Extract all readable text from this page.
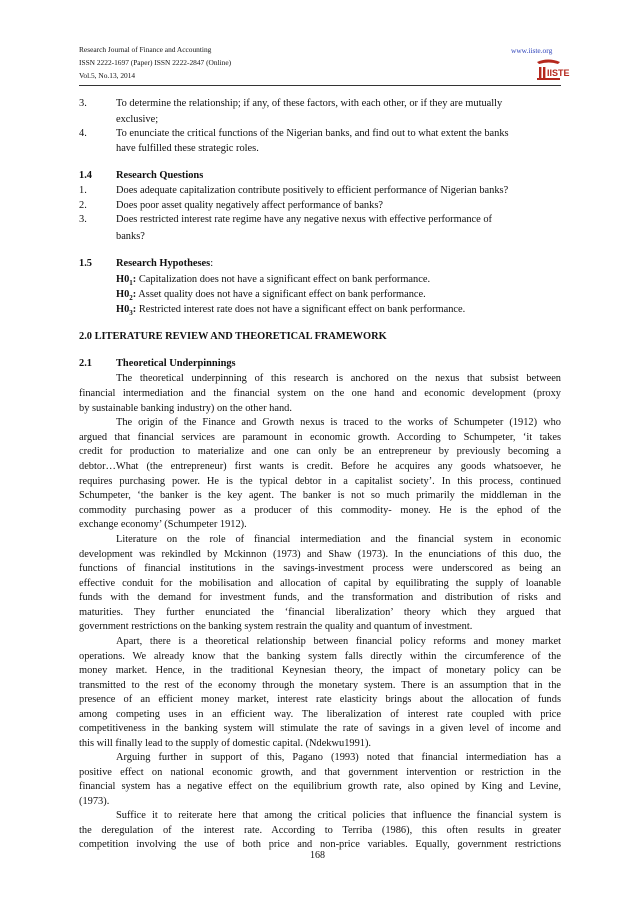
Research Journal of Finance and Accounting
ISSN 2222-1697 (Paper) ISSN 2222-2847 (Online)
Vol.5, No.13, 2014
www.iiste.org
IISTE
3.	To determine the relationship; if any, of these factors, with each other, or if they are mutually
exclusive;
4.	To enunciate the critical functions of the Nigerian banks, and find out to what extent the banks
have fulfilled these strategic roles.
1.4 Research Questions
1.	Does adequate capitalization contribute positively to efficient performance of Nigerian banks?
2.	Does poor asset quality negatively affect performance of banks?
3.	Does restricted interest rate regime have any negative nexus with effective performance of
banks?
1.5 Research Hypotheses:
$H0_1$: Capitalization does not have a significant effect on bank performance.
$H0_2$: Asset quality does not have a significant effect on bank performance.
$H0_3$: Restricted interest rate does not have a significant effect on bank performance.
2.0 LITERATURE REVIEW AND THEORETICAL FRAMEWORK
2.1 Theoretical Underpinnings
The theoretical underpinning of this research is anchored on the nexus that subsist between
financial intermediation and the financial system on the one hand and economic development (proxy
by sustainable banking industry) on the other hand.
The origin of the Finance and Growth nexus is traced to the works of Schumpeter (1912) who
argued that financial services are paramount in economic growth. According to Schumpeter, ‘it takes
credit for production to materialize and one can only be an entrepreneur by previously becoming a
debtor…What (the entrepreneur) first wants is credit. Before he acquires any goods whatsoever, he
requires purchasing power. He is the typical debtor in a capitalist society’. In this process, continued
Schumpeter, ‘the banker is the key agent. The banker is not so much primarily the middleman in the
commodity purchasing power as a producer of this commodity- money. He is the ephod of the
exchange economy’ (Schumpeter 1912).
Literature on the role of financial intermediation and the financial system in economic
development was rekindled by Mckinnon (1973) and Shaw (1973). In the enunciations of this duo, the
functions of financial institutions in the savings-investment process were underscored as being an
effective conduit for the mobilisation and allocation of capital by equilibrating the supply of loanable
funds with the demand for investment funds, and the transformation and distribution of risks and
maturities. They further enunciated the ‘financial liberalization’ theory which they argued that
government restrictions on the banking system restrain the quality and quantum of investment.
Apart, there is a theoretical relationship between financial policy reforms and money market
operations. We already know that the banking system falls directly within the circumference of the
money market. Hence, in the traditional Keynesian theory, the impact of monetary policy can be
transmitted to the rest of the economy through the monetary system. There is an assumption that in the
presence of an efficient money market, interest rate elasticity brings about the allocation of funds
among competing uses in an efficient way. The liberalization of interest rate coupled with price
competitiveness in the banking system will stimulate the rate of savings in a given level of income and
this will finally lead to the supply of domestic capital. (Ndekwu1991).
Arguing further in support of this, Pagano (1993) noted that financial intermediation has a
positive effect on national economic growth, and that government intervention or restriction in the
financial system has a negative effect on the equilibrium growth rate, also opined by King and Levine,
(1973).
Suffice it to reiterate here that among the critical policies that influence the financial system is
the deregulation of the interest rate. According to Terriba (1986), this often results in greater
competition involving the use of both price and non-price variables. Equally, government restrictions
168
